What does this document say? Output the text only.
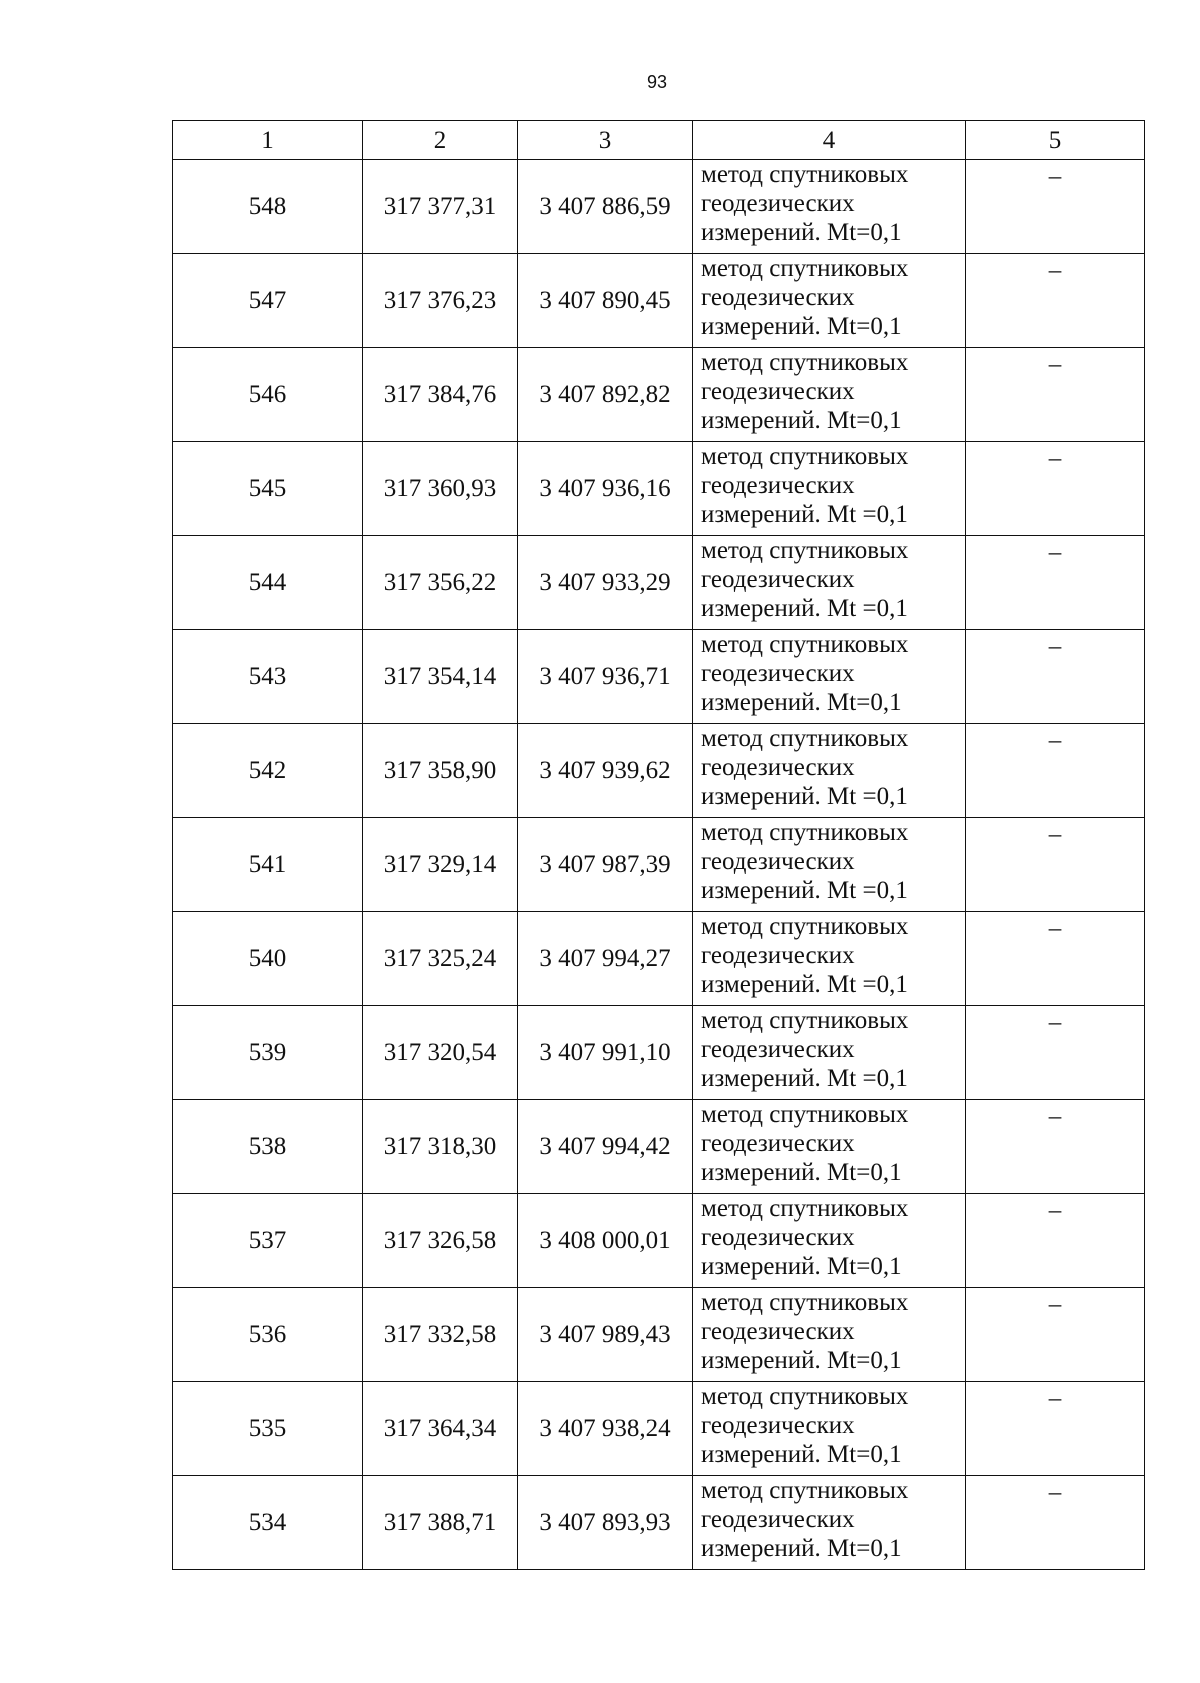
93
1	2	3	4	5
548	317 377,31	3 407 886,59	метод спутниковых
геодезических
измерений. Mt=0,1	–
547	317 376,23	3 407 890,45	метод спутниковых
геодезических
измерений. Mt=0,1	–
546	317 384,76	3 407 892,82	метод спутниковых
геодезических
измерений. Mt=0,1	–
545	317 360,93	3 407 936,16	метод спутниковых
геодезических
измерений. Mt =0,1	–
544	317 356,22	3 407 933,29	метод спутниковых
геодезических
измерений. Mt =0,1	–
543	317 354,14	3 407 936,71	метод спутниковых
геодезических
измерений. Mt=0,1	–
542	317 358,90	3 407 939,62	метод спутниковых
геодезических
измерений. Mt =0,1	–
541	317 329,14	3 407 987,39	метод спутниковых
геодезических
измерений. Mt =0,1	–
540	317 325,24	3 407 994,27	метод спутниковых
геодезических
измерений. Mt =0,1	–
539	317 320,54	3 407 991,10	метод спутниковых
геодезических
измерений. Mt =0,1	–
538	317 318,30	3 407 994,42	метод спутниковых
геодезических
измерений. Mt=0,1	–
537	317 326,58	3 408 000,01	метод спутниковых
геодезических
измерений. Mt=0,1	–
536	317 332,58	3 407 989,43	метод спутниковых
геодезических
измерений. Mt=0,1	–
535	317 364,34	3 407 938,24	метод спутниковых
геодезических
измерений. Mt=0,1	–
534	317 388,71	3 407 893,93	метод спутниковых
геодезических
измерений. Mt=0,1	–
